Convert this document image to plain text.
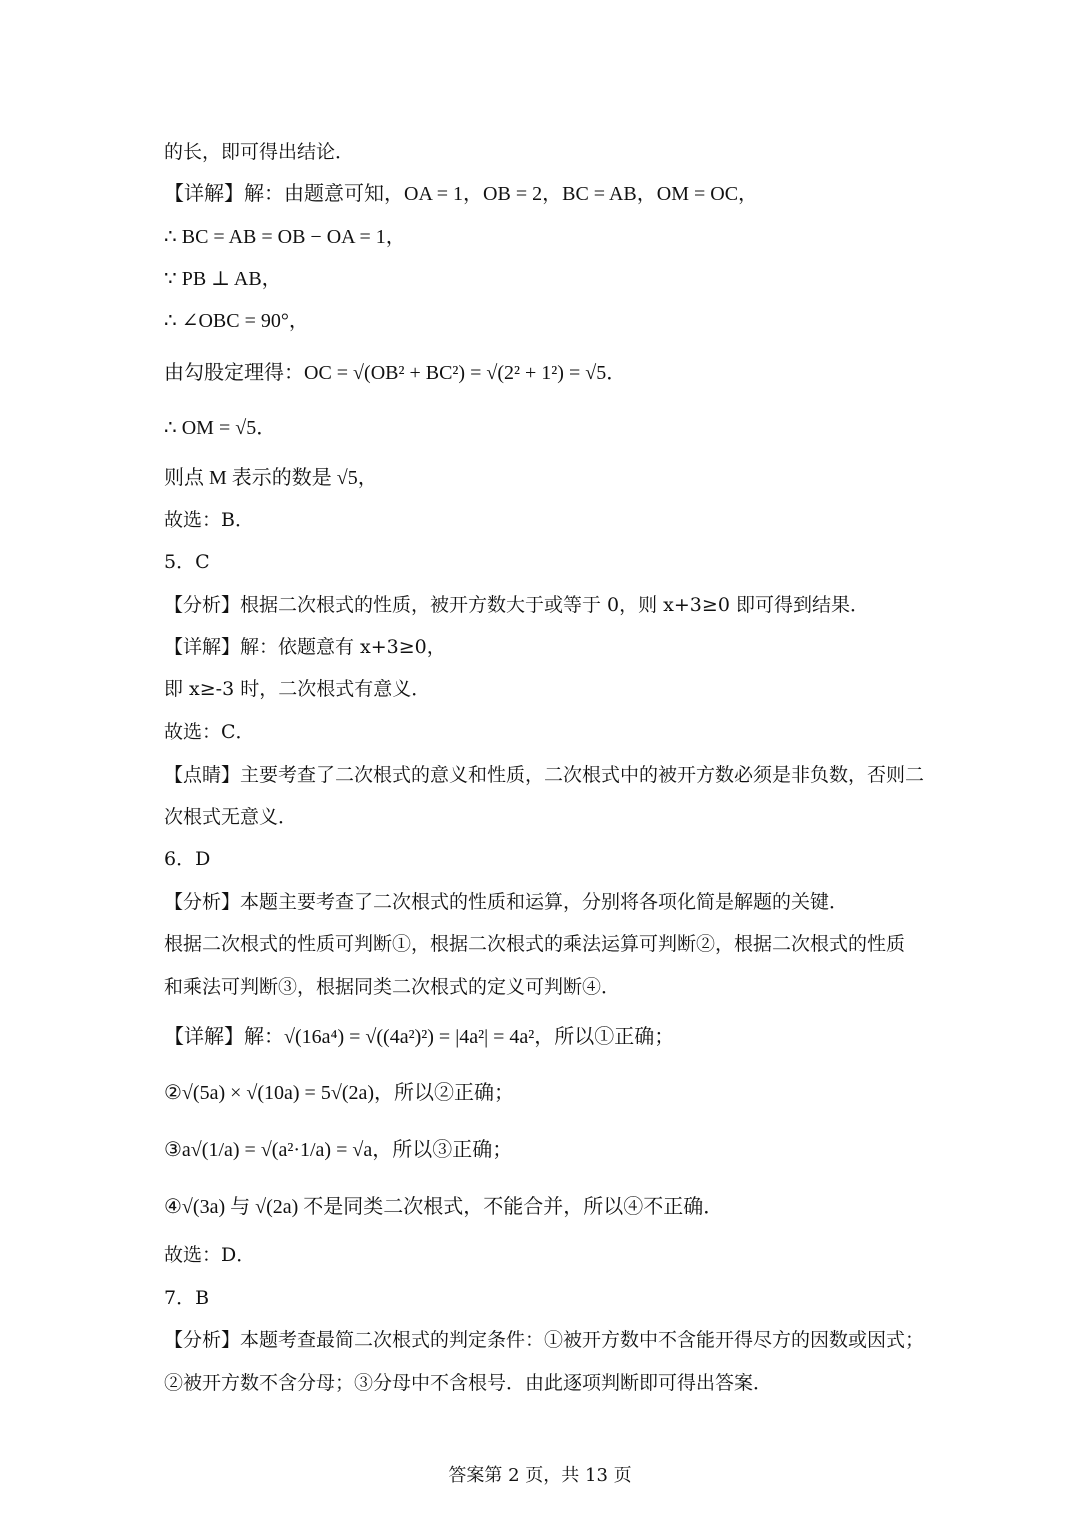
的长，即可得出结论．

【详解】解：由题意可知，OA = 1，OB = 2，BC = AB，OM = OC，

∴ BC = AB = OB − OA = 1，

∵ PB ⊥ AB，

∴ ∠OBC = 90°，

由勾股定理得：OC = √(OB² + BC²) = √(2² + 1²) = √5．

∴ OM = √5．

则点 M 表示的数是 √5，

故选：B．

5．C

【分析】根据二次根式的性质，被开方数大于或等于 0，则 x+3≥0 即可得到结果．

【详解】解：依题意有 x+3≥0，

即 x≥-3 时，二次根式有意义．

故选：C．

【点睛】主要考查了二次根式的意义和性质，二次根式中的被开方数必须是非负数，否则二

次根式无意义．

6．D

【分析】本题主要考查了二次根式的性质和运算，分别将各项化简是解题的关键．

根据二次根式的性质可判断①，根据二次根式的乘法运算可判断②，根据二次根式的性质

和乘法可判断③，根据同类二次根式的定义可判断④．

【详解】解：√(16a⁴) = √((4a²)²) = |4a²| = 4a²，所以①正确；

②√(5a) × √(10a) = 5√(2a)，所以②正确；

③a√(1/a) = √(a²·1/a) = √a，所以③正确；

④√(3a) 与 √(2a) 不是同类二次根式，不能合并，所以④不正确．

故选：D．

7．B

【分析】本题考查最简二次根式的判定条件：①被开方数中不含能开得尽方的因数或因式；

②被开方数不含分母；③分母中不含根号．由此逐项判断即可得出答案．

答案第 2 页，共 13 页
